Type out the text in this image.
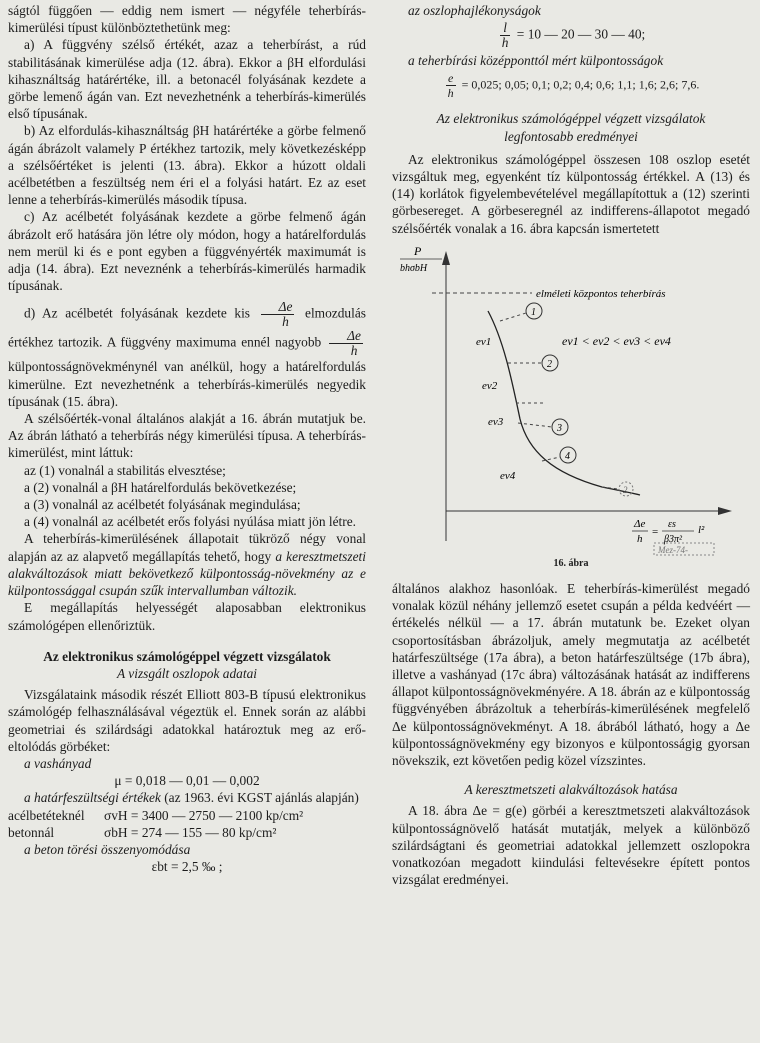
ságtól függően — eddig nem ismert — négyféle teherbírás-kimerülési típust különböztethetünk meg:

a) A függvény szélső értékét, azaz a teherbírást, a rúd stabilitásának kimerülése adja (12. ábra). Ekkor a βH elfordulási kihasználtság határértéke, ill. a betonacél folyásának kezdete a görbe lemenő ágán van. Ezt nevezhetnénk a teherbírás-kimerülés első típusának.

b) Az elfordulás-kihasználtság βH határértéke a görbe felmenő ágán ábrázolt valamely P értékhez tartozik, mely következésképp a szélsőértéket is jelenti (13. ábra). Ekkor a húzott oldali acélbetétben a feszültség nem éri el a folyási határt. Ez az eset lenne a teherbírás-kimerülés második típusa.

c) Az acélbetét folyásának kezdete a görbe felmenő ágán ábrázolt erő hatására jön létre oly módon, hogy a határelfordulás nem merül ki és e pont egyben a függvényérték maximumát is adja (14. ábra). Ezt neveznénk a teherbírás-kimerülés harmadik típusának.

d) Az acélbetét folyásának kezdete kis $\frac{\Delta e}{h}$ elmozdulás értékhez tartozik. A függvény maximuma ennél nagyobb $\frac{\Delta e}{h}$
külpontosságnövekménynél van anélkül, hogy a határelfordulás kimerülne. Ezt nevezhetnénk a teherbírás-kimerülés negyedik típusának (15. ábra).

A szélsőérték-vonal általános alakját a 16. ábrán mutatjuk be. Az ábrán látható a teherbírás négy kimerülési típusa. A teherbírás-kimerülést, mint láttuk:

az (1) vonalnál a stabilitás elvesztése;

a (2) vonalnál a βH határelfordulás bekövetkezése;

a (3) vonalnál az acélbetét folyásának megindulása;

a (4) vonalnál az acélbetét erős folyási nyúlása miatt jön létre.

A teherbírás-kimerülésének állapotait tükröző négy vonal alapján az az alapvető megállapítás tehető, hogy a keresztmetszeti alakváltozások miatt bekövetkező külpontosság-növekmény az e külpontossággal csupán szűk intervallumban változik.

E megállapítás helyességét alaposabban elektronikus számológépen ellenőriztük.

Az elektronikus számológéppel végzett vizsgálatok
A vizsgált oszlopok adatai

Vizsgálataink második részét Elliott 803-B típusú elektronikus számológép felhasználásával végeztük el. Ennek során az alábbi geometriai és szilárdsági adatokkal határoztuk meg az erő-eltolódás görbéket:

a vashányad

μ = 0,018 — 0,01 — 0,002

a határfeszültségi értékek (az 1963. évi KGST ajánlás alapján)

acélbetéteknél σvH = 3400 — 2750 — 2100 kp/cm²

betonnál	σbH = 274 — 155 — 80 kp/cm²

a beton törési összenyomódása

εbt = 2,5 ‰ ;

az oszlophajlékonyságok

$\frac{l}{h} = 10$ — 20 — 30 — 40;

a teherbírási középponttól mért külpontosságok

$\frac{e}{h} = 0,025$; 0,05; 0,1; 0,2; 0,4; 0,6; 1,1; 1,6; 2,6; 7,6.
Az elektronikus számológéppel végzett vizsgálatok
legfontosabb eredményei

Az elektronikus számológéppel összesen 108 oszlop esetét vizsgáltuk meg, egyenként tíz külpontosság értékkel. A (13) és (14) korlátok figyelembevételével megállapítottuk a (12) szerinti görbesereget. A görbeseregnél az indifferens-állapotot megadó szélsőérték vonalak a 16. ábra kapcsán ismertetett

P
bhσbH
elméleti központos teherbírás
ev1 < ev2 < ev3 < ev4
ev1
ev2
ev3
ev4
1
2
3
4
2
Δe
h
=
εs
β3π²
l²
Mez-74-
16. ábra

általános alakhoz hasonlóak. E teherbírás-kimerülést megadó vonalak közül néhány jellemző esetet csupán a példa kedvéért — értékelés nélkül — a 17. ábrán mutatunk be. Ezeket olyan csoportosításban ábrázoljuk, amely megmutatja az acélbetét határfeszültsége (17a ábra), a beton határfeszültsége (17b ábra), illetve a vashányad (17c ábra) változásának hatását az indifferens állapot külpontosságnövekményére. A 18. ábrán az e külpontosság függvényében ábrázoltuk a teherbírás-kimerülésének megfelelő Δe külpontosságnövekményt. A 18. ábrából látható, hogy a Δe külpontosságnövekmény egy bizonyos e külpontosságig gyorsan növekszik, ezt követően pedig közel vízszintes.

A keresztmetszeti alakváltozások hatása

A 18. ábra Δe = g(e) görbéi a keresztmetszeti alakváltozások külpontosságnövelő hatását mutatják, melyek a különböző szilárdságtani és geometriai adatokkal jellemzett oszlopokra vonatkozóan megadott kiindulási feltevésekre épített pontos vizsgálat eredményei.
